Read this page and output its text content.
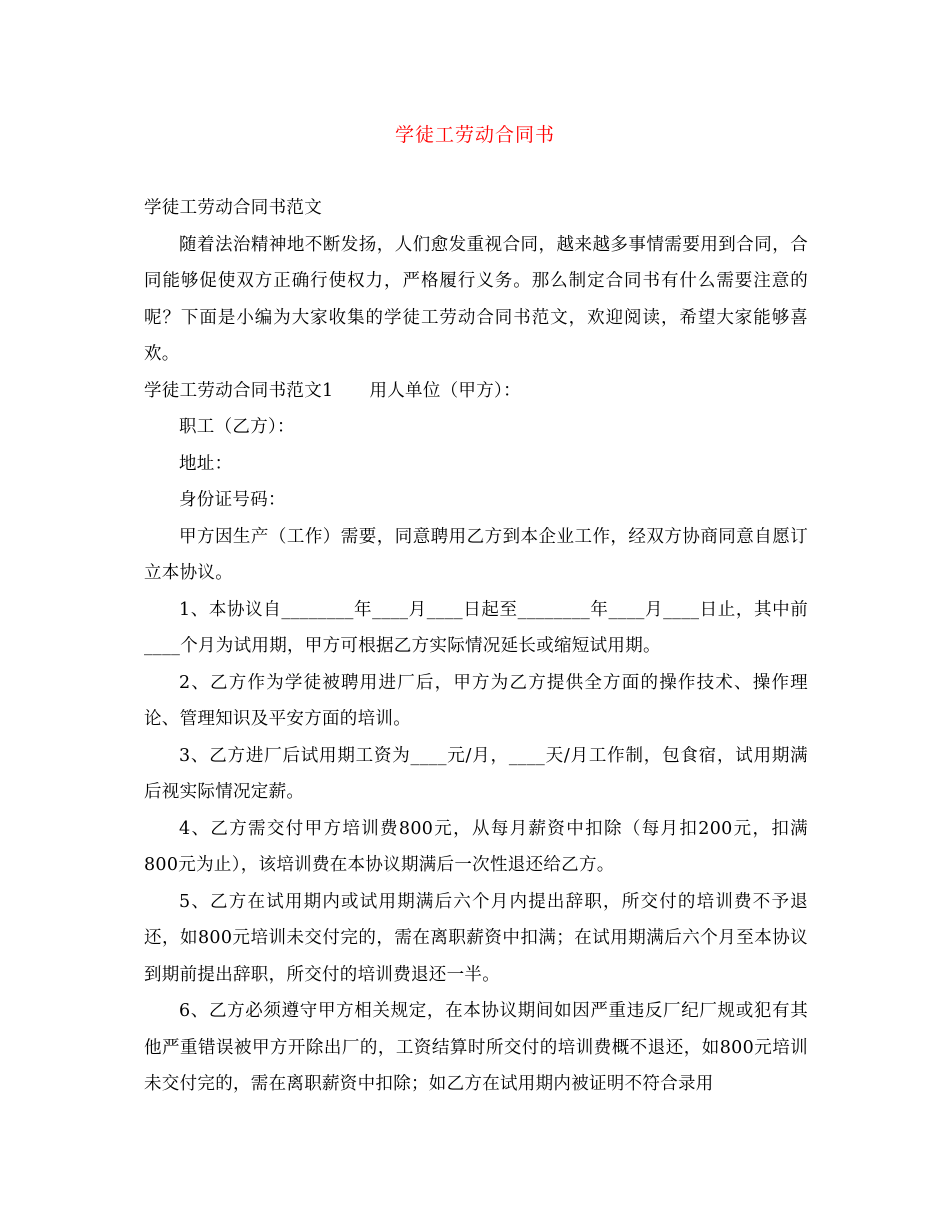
学徒工劳动合同书

学徒工劳动合同书范文

随着法治精神地不断发扬，人们愈发重视合同，越来越多事情需要用到合同，合同能够促使双方正确行使权力，严格履行义务。那么制定合同书有什么需要注意的呢？下面是小编为大家收集的学徒工劳动合同书范文，欢迎阅读，希望大家能够喜欢。

学徒工劳动合同书范文1 用人单位（甲方）：

职工（乙方）：

地址：

身份证号码：

甲方因生产（工作）需要，同意聘用乙方到本企业工作，经双方协商同意自愿订立本协议。

1、本协议自________年____月____日起至________年____月____日止，其中前____个月为试用期，甲方可根据乙方实际情况延长或缩短试用期。

2、乙方作为学徒被聘用进厂后，甲方为乙方提供全方面的操作技术、操作理论、管理知识及平安方面的培训。

3、乙方进厂后试用期工资为____元/月，____天/月工作制，包食宿，试用期满后视实际情况定薪。

4、乙方需交付甲方培训费800元，从每月薪资中扣除（每月扣200元，扣满800元为止），该培训费在本协议期满后一次性退还给乙方。

5、乙方在试用期内或试用期满后六个月内提出辞职，所交付的培训费不予退还，如800元培训未交付完的，需在离职薪资中扣满；在试用期满后六个月至本协议到期前提出辞职，所交付的培训费退还一半。

6、乙方必须遵守甲方相关规定，在本协议期间如因严重违反厂纪厂规或犯有其他严重错误被甲方开除出厂的，工资结算时所交付的培训费概不退还，如800元培训未交付完的，需在离职薪资中扣除；如乙方在试用期内被证明不符合录用
